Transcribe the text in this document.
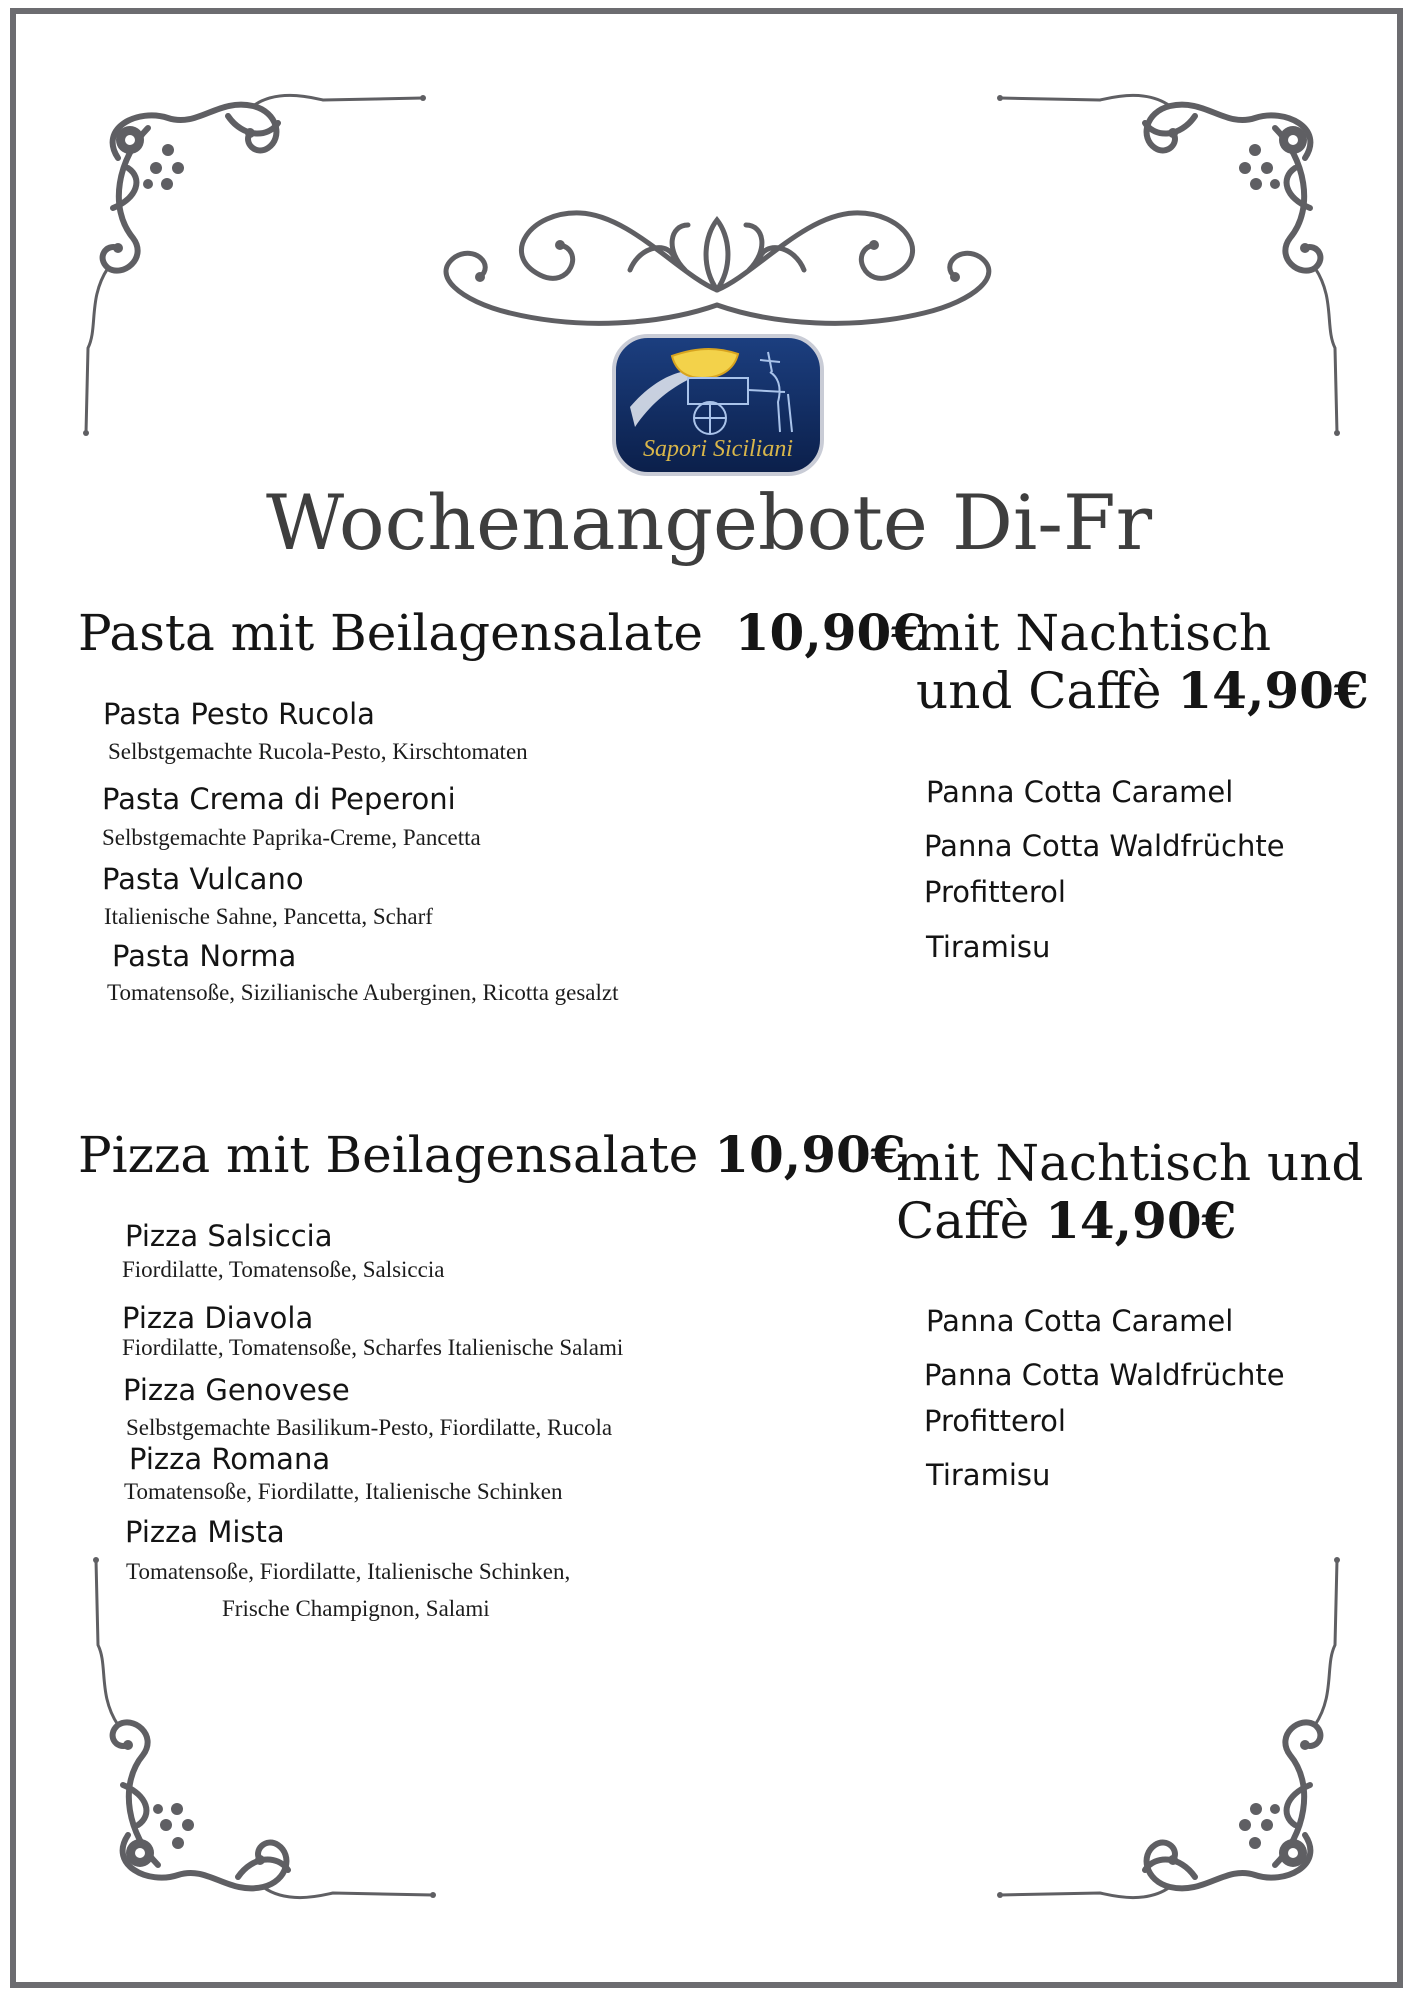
Sapori Siciliani
Wochenangebote Di-Fr
Pasta mit Beilagensalate 10,90€
Pasta Pesto Rucola
Selbstgemachte Rucola-Pesto, Kirschtomaten
Pasta Crema di Peperoni
Selbstgemachte Paprika-Creme, Pancetta
Pasta Vulcano
Italienische Sahne, Pancetta, Scharf
Pasta Norma
Tomatensoße, Sizilianische Auberginen, Ricotta gesalzt
mit Nachtisch
und Caffè 14,90€
Panna Cotta Caramel
Panna Cotta Waldfrüchte
Profitterol
Tiramisu
Pizza mit Beilagensalate 10,90€
Pizza Salsiccia
Fiordilatte, Tomatensoße, Salsiccia
Pizza Diavola
Fiordilatte, Tomatensoße, Scharfes Italienische Salami
Pizza Genovese
Selbstgemachte Basilikum-Pesto, Fiordilatte, Rucola
Pizza Romana
Tomatensoße, Fiordilatte, Italienische Schinken
Pizza Mista
Tomatensoße, Fiordilatte, Italienische Schinken,
Frische Champignon, Salami
mit Nachtisch und
Caffè 14,90€
Panna Cotta Caramel
Panna Cotta Waldfrüchte
Profitterol
Tiramisu
